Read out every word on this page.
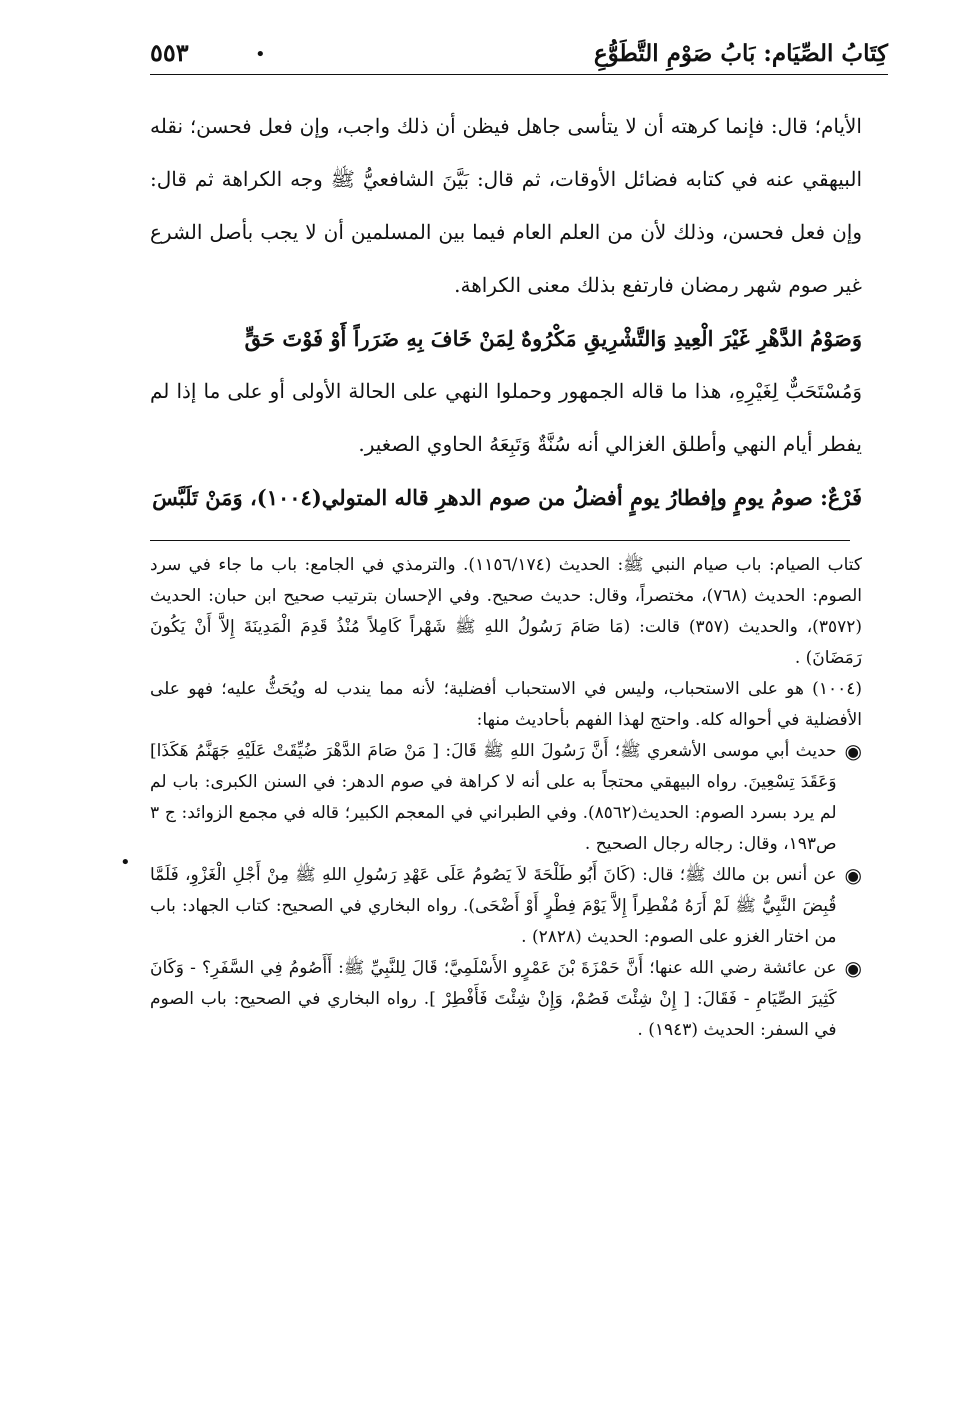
كِتَابُ الصِّيَام: بَابُ صَوْمِ التَّطَوُّعِ
•
٥٥٣

الأيام؛ قال: فإنما كرهته أن لا يتأسى جاهل فيظن أن ذلك واجب، وإن فعل فحسن؛ نقله البيهقي عنه في كتابه فضائل الأوقات، ثم قال: بَيَّنَ الشافعيُّ ﷺ وجه الكراهة ثم قال: وإن فعل فحسن، وذلك لأن من العلم العام فيما بين المسلمين أن لا يجب بأصل الشرع غير صوم شهر رمضان فارتفع بذلك معنى الكراهة.

وَصَوْمُ الدَّهْرِ غَيْرَ الْعِيدِ وَالتَّشْرِيقِ مَكْرُوهٌ لِمَنْ خَافَ بِهِ ضَرَراً أَوْ فَوْتَ حَقٍّ

وَمُسْتَحَبٌّ لِغَيْرِهِ، هذا ما قاله الجمهور وحملوا النهي على الحالة الأولى أو على ما إذا لم يفطر أيام النهي وأطلق الغزالي أنه سُنَّةٌ وَتَبِعَهُ الحاوي الصغير.

فَرْعٌ: صومُ يومٍ وإفطارُ يومٍ أفضلُ من صوم الدهرِ قاله المتولي(١٠٠٤)، وَمَنْ تَلَبَّسَ

كتاب الصيام: باب صيام النبي ﷺ: الحديث (١١٥٦/١٧٤). والترمذي في الجامع: باب ما جاء في سرد الصوم: الحديث (٧٦٨)، مختصراً، وقال: حديث صحيح. وفي الإحسان بترتيب صحيح ابن حبان: الحديث (٣٥٧٢)، والحديث (٣٥٧) قالت: (مَا صَامَ رَسُولُ اللهِ ﷺ شَهْراً كَامِلاً مُنْذُ قَدِمَ الْمَدِينَةَ إِلاَّ أَنْ يَكُونَ رَمَضَانَ) .

(١٠٠٤) هو على الاستحباب، وليس في الاستحباب أفضلية؛ لأنه مما يندب له ويُحَثُّ عليه؛ فهو على الأفضلية في أحواله كله. واحتج لهذا الفهم بأحاديث منها:

◉

حديث أبي موسى الأشعري ﷺ؛ أَنَّ رَسُولَ اللهِ ﷺ قَالَ: [ مَنْ صَامَ الدَّهْرَ ضُيِّقَتْ عَلَيْهِ جَهَنَّمُ هَكَذَا] وَعَقَدَ تِسْعِينَ. رواه البيهقي محتجاً به على أنه لا كراهة في صوم الدهر: في السنن الكبرى: باب لم لم يرد بسرد الصوم: الحديث(٨٥٦٢). وفي الطبراني في المعجم الكبير؛ قاله في مجمع الزوائد: ج ٣ ص١٩٣، وقال: رجاله رجال الصحيح .

◉

عن أنس بن مالك ﷺ؛ قال: (كَانَ أَبُو طَلْحَةَ لاَ يَصُومُ عَلَى عَهْدِ رَسُولِ اللهِ ﷺ مِنْ أَجْلِ الْغَزْوِ، فَلَمَّا قُبِضَ النَّبِيُّ ﷺ لَمْ أَرَهُ مُفْطِراً إِلاَّ يَوْمَ فِطْرٍ أَوْ أَضْحَى). رواه البخاري في الصحيح: كتاب الجهاد: باب من اختار الغزو على الصوم: الحديث (٢٨٢٨) .

◉

عن عائشة رضي الله عنها؛ أَنَّ حَمْزَةَ بْنَ عَمْرٍو الأَسْلَمِيَّ؛ قَالَ لِلنَّبِيِّ ﷺ: أَأَصُومُ فِي السَّفَرِ؟ - وَكَانَ كَثِيرَ الصِّيَامِ - فَقَالَ: [ إِنْ شِئْتَ فَصُمْ، وَإِنْ شِئْتَ فَأَفْطِرْ ]. رواه البخاري في الصحيح: باب الصوم في السفر: الحديث (١٩٤٣) .

•
